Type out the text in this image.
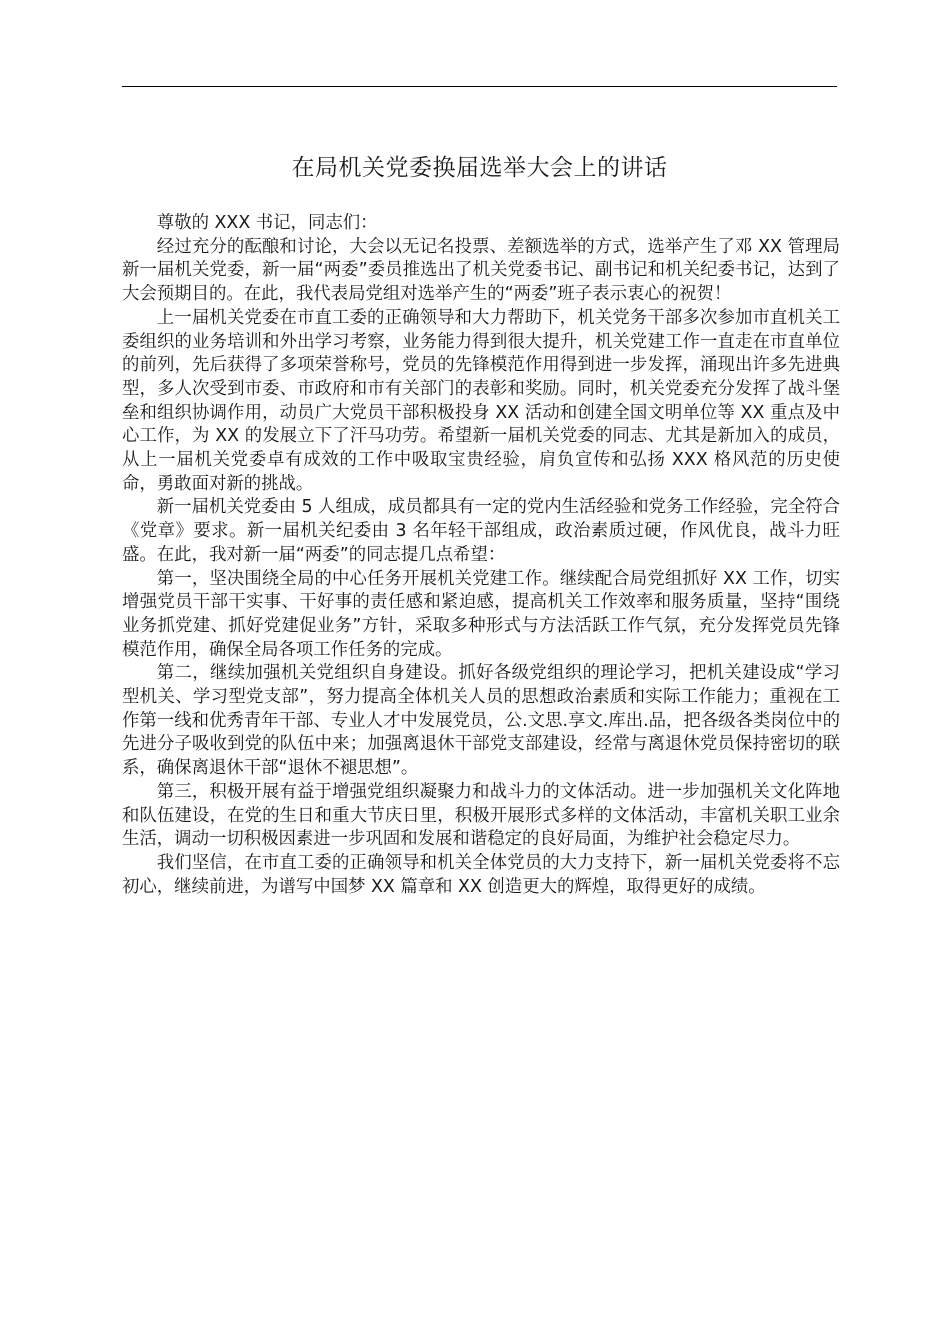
在局机关党委换届选举大会上的讲话

尊敬的 XXX 书记，同志们：

经过充分的酝酿和讨论，大会以无记名投票、差额选举的方式，选举产生了邓 XX 管理局新一届机关党委，新一届“两委”委员推选出了机关党委书记、副书记和机关纪委书记，达到了大会预期目的。在此，我代表局党组对选举产生的“两委”班子表示衷心的祝贺！

上一届机关党委在市直工委的正确领导和大力帮助下，机关党务干部多次参加市直机关工委组织的业务培训和外出学习考察，业务能力得到很大提升，机关党建工作一直走在市直单位的前列，先后获得了多项荣誉称号，党员的先锋模范作用得到进一步发挥，涌现出许多先进典型，多人次受到市委、市政府和市有关部门的表彰和奖励。同时，机关党委充分发挥了战斗堡垒和组织协调作用，动员广大党员干部积极投身 XX 活动和创建全国文明单位等 XX 重点及中心工作，为 XX 的发展立下了汗马功劳。希望新一届机关党委的同志、尤其是新加入的成员，从上一届机关党委卓有成效的工作中吸取宝贵经验，肩负宣传和弘扬 XXX 格风范的历史使命，勇敢面对新的挑战。

新一届机关党委由 5 人组成，成员都具有一定的党内生活经验和党务工作经验，完全符合《党章》要求。新一届机关纪委由 3 名年轻干部组成，政治素质过硬，作风优良，战斗力旺盛。在此，我对新一届“两委”的同志提几点希望：

第一，坚决围绕全局的中心任务开展机关党建工作。继续配合局党组抓好 XX 工作，切实增强党员干部干实事、干好事的责任感和紧迫感，提高机关工作效率和服务质量，坚持“围绕业务抓党建、抓好党建促业务”方针，采取多种形式与方法活跃工作气氛，充分发挥党员先锋模范作用，确保全局各项工作任务的完成。

第二，继续加强机关党组织自身建设。抓好各级党组织的理论学习，把机关建设成“学习型机关、学习型党支部”，努力提高全体机关人员的思想政治素质和实际工作能力；重视在工作第一线和优秀青年干部、专业人才中发展党员，公.文思.享文.库出.品，把各级各类岗位中的先进分子吸收到党的队伍中来；加强离退休干部党支部建设，经常与离退休党员保持密切的联系，确保离退休干部“退休不褪思想”。

第三，积极开展有益于增强党组织凝聚力和战斗力的文体活动。进一步加强机关文化阵地和队伍建设，在党的生日和重大节庆日里，积极开展形式多样的文体活动，丰富机关职工业余生活，调动一切积极因素进一步巩固和发展和谐稳定的良好局面，为维护社会稳定尽力。

我们坚信，在市直工委的正确领导和机关全体党员的大力支持下，新一届机关党委将不忘初心，继续前进，为谱写中国梦 XX 篇章和 XX 创造更大的辉煌，取得更好的成绩。
